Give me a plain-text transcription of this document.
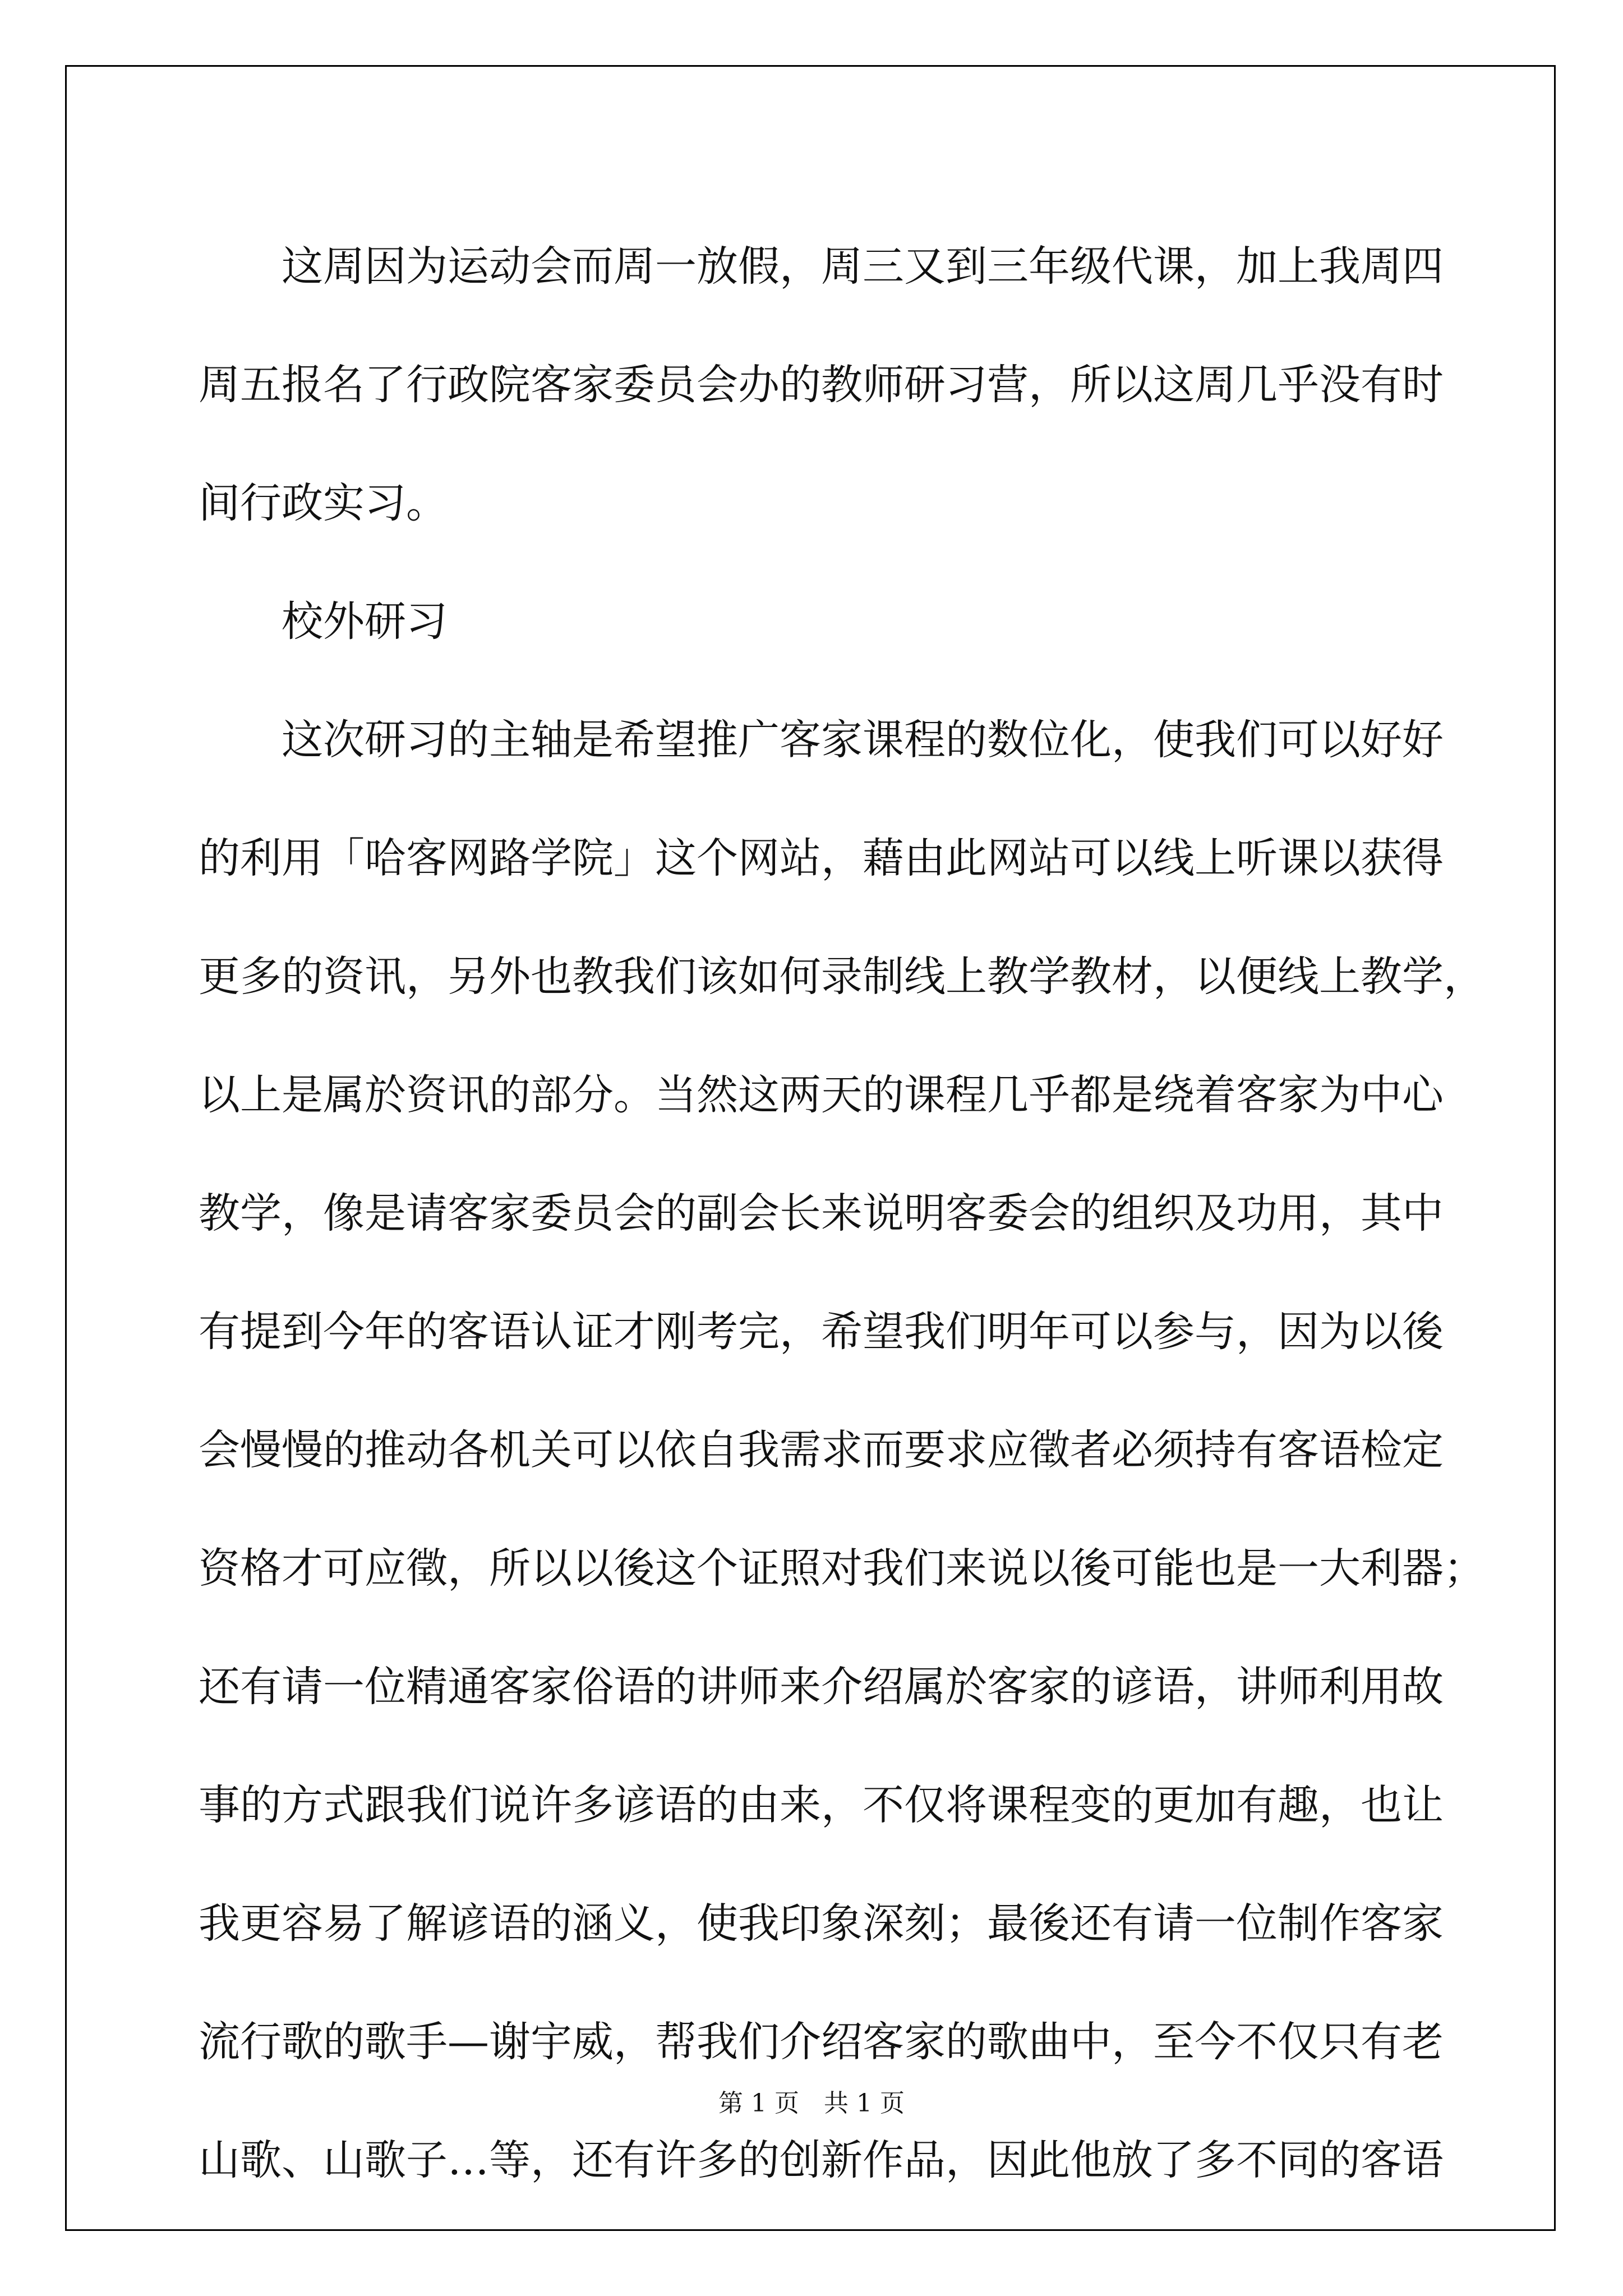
这周因为运动会而周一放假，周三又到三年级代课，加上我周四
周五报名了行政院客家委员会办的教师研习营，所以这周几乎没有时
间行政实习。

校外研习

这次研习的主轴是希望推广客家课程的数位化，使我们可以好好
的利用「哈客网路学院」这个网站，藉由此网站可以线上听课以获得
更多的资讯，另外也教我们该如何录制线上教学教材，以便线上教学，
以上是属於资讯的部分。当然这两天的课程几乎都是绕着客家为中心
教学，像是请客家委员会的副会长来说明客委会的组织及功用，其中
有提到今年的客语认证才刚考完，希望我们明年可以参与，因为以後
会慢慢的推动各机关可以依自我需求而要求应徵者必须持有客语检定
资格才可应徵，所以以後这个证照对我们来说以後可能也是一大利器；
还有请一位精通客家俗语的讲师来介绍属於客家的谚语，讲师利用故
事的方式跟我们说许多谚语的由来，不仅将课程变的更加有趣，也让
我更容易了解谚语的涵义，使我印象深刻；最後还有请一位制作客家
流行歌的歌手—谢宇威，帮我们介绍客家的歌曲中，至今不仅只有老
山歌、山歌子…等，还有许多的创新作品，因此他放了多不同的客语

第 1 页 共 1 页
